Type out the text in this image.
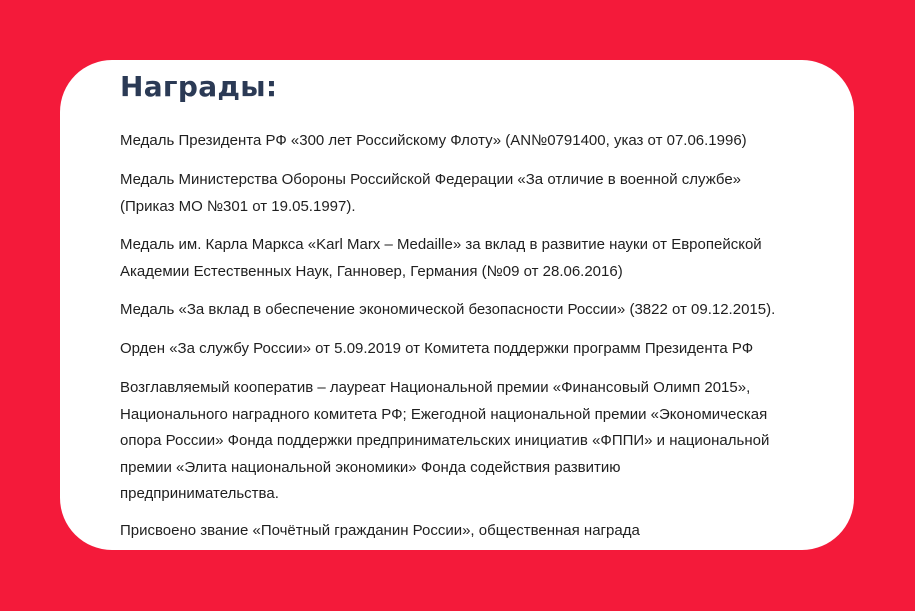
Награды:

Медаль Президента РФ «300 лет Российскому Флоту» (АN№0791400, указ от 07.06.1996)

Медаль Министерства Обороны Российской Федерации «За отличие в военной службе»
(Приказ МО №301 от 19.05.1997).

Медаль им. Карла Маркса «Karl Marx – Medaille» за вклад в развитие науки от Европейской
Академии Естественных Наук, Ганновер, Германия (№09 от 28.06.2016)

Медаль «За вклад в обеспечение экономической безопасности России» (3822 от 09.12.2015).

Орден «За службу России» от 5.09.2019 от Комитета поддержки программ Президента РФ

Возглавляемый кооператив – лауреат Национальной премии «Финансовый Олимп 2015»,
Национального наградного комитета РФ; Ежегодной национальной премии «Экономическая
опора России» Фонда поддержки предпринимательских инициатив «ФППИ» и национальной
премии «Элита национальной экономики» Фонда содействия развитию
предпринимательства.

Присвоено звание «Почётный гражданин России», общественная награда
